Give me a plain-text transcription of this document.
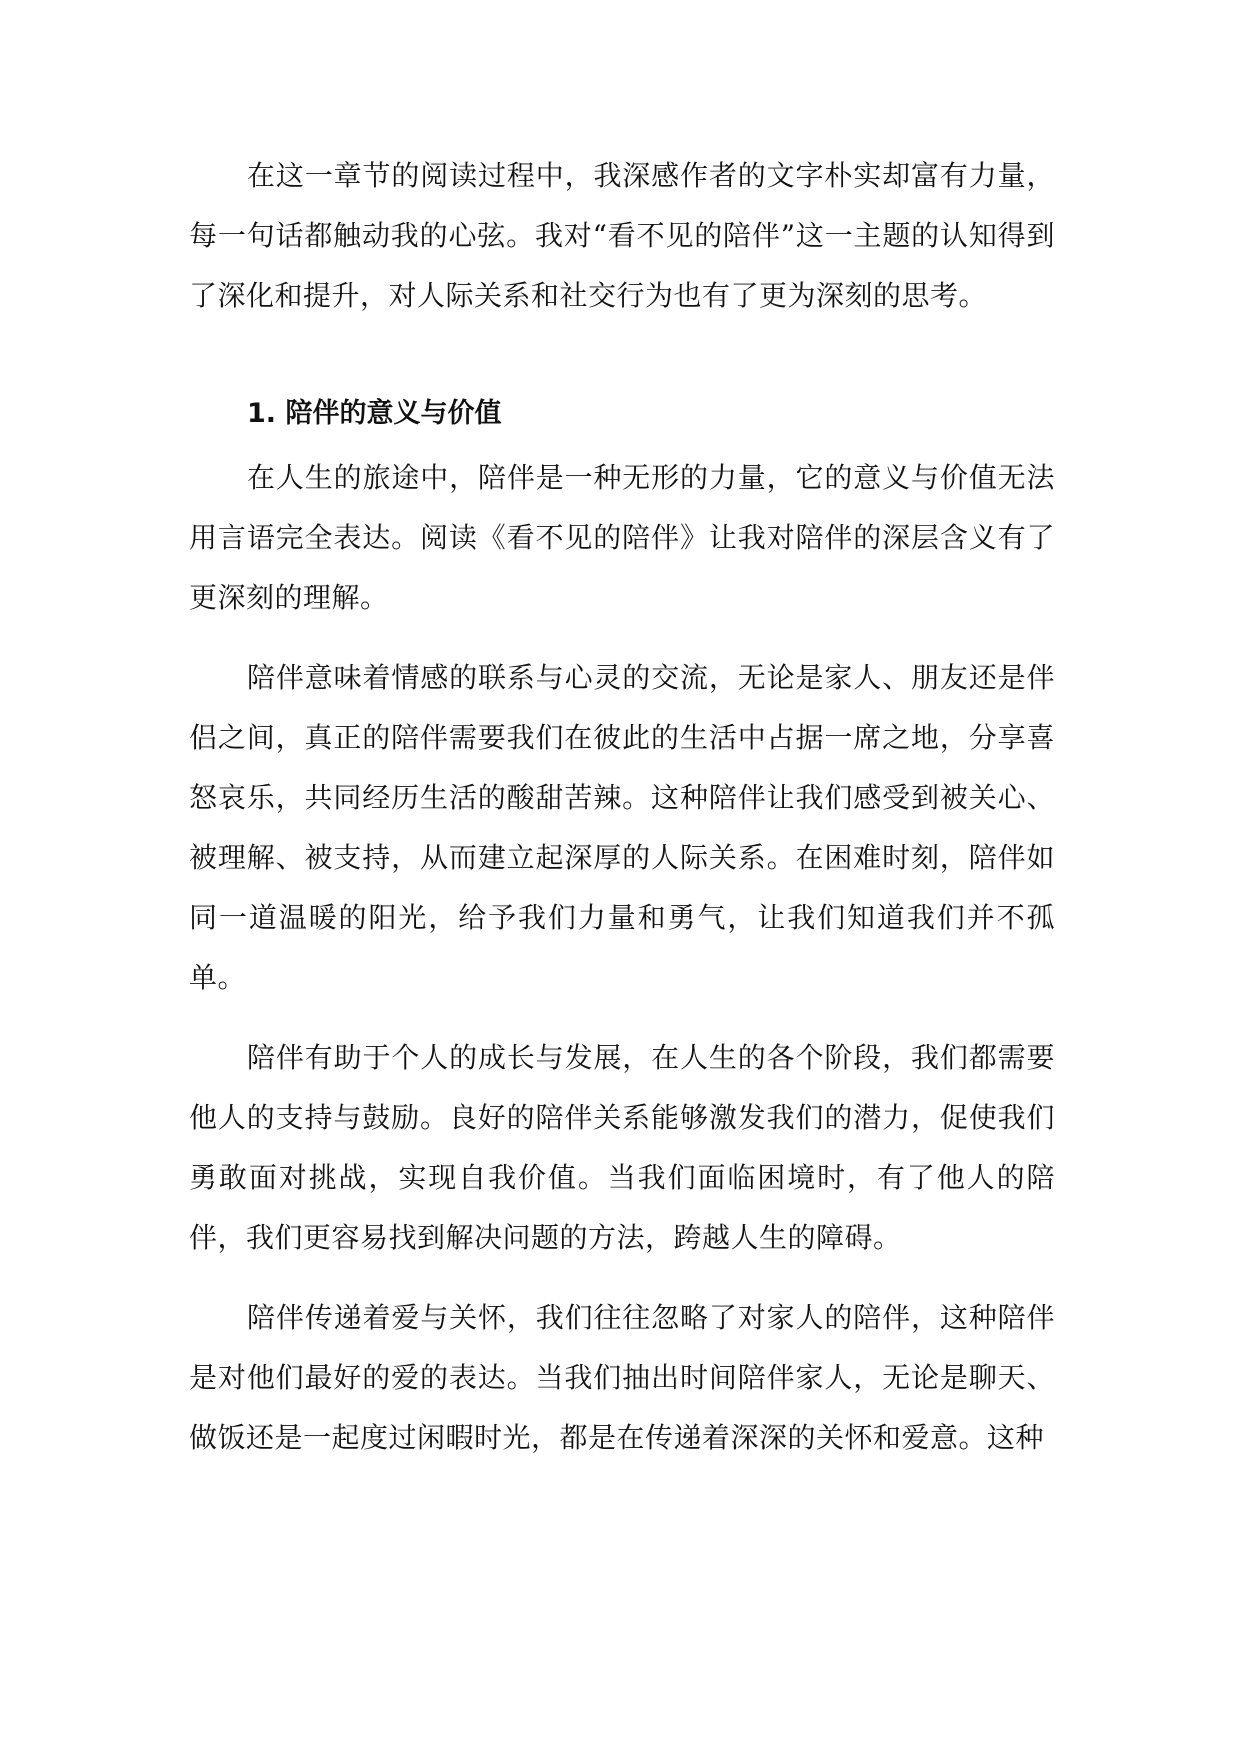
在这一章节的阅读过程中，我深感作者的文字朴实却富有力量，每一句话都触动我的心弦。我对“看不见的陪伴”这一主题的认知得到了深化和提升，对人际关系和社交行为也有了更为深刻的思考。

1. 陪伴的意义与价值

在人生的旅途中，陪伴是一种无形的力量，它的意义与价值无法用言语完全表达。阅读《看不见的陪伴》让我对陪伴的深层含义有了更深刻的理解。

陪伴意味着情感的联系与心灵的交流，无论是家人、朋友还是伴侣之间，真正的陪伴需要我们在彼此的生活中占据一席之地，分享喜怒哀乐，共同经历生活的酸甜苦辣。这种陪伴让我们感受到被关心、被理解、被支持，从而建立起深厚的人际关系。在困难时刻，陪伴如同一道温暖的阳光，给予我们力量和勇气，让我们知道我们并不孤单。

陪伴有助于个人的成长与发展，在人生的各个阶段，我们都需要他人的支持与鼓励。良好的陪伴关系能够激发我们的潜力，促使我们勇敢面对挑战，实现自我价值。当我们面临困境时，有了他人的陪伴，我们更容易找到解决问题的方法，跨越人生的障碍。

陪伴传递着爱与关怀，我们往往忽略了对家人的陪伴，这种陪伴是对他们最好的爱的表达。当我们抽出时间陪伴家人，无论是聊天、做饭还是一起度过闲暇时光，都是在传递着深深的关怀和爱意。这种
